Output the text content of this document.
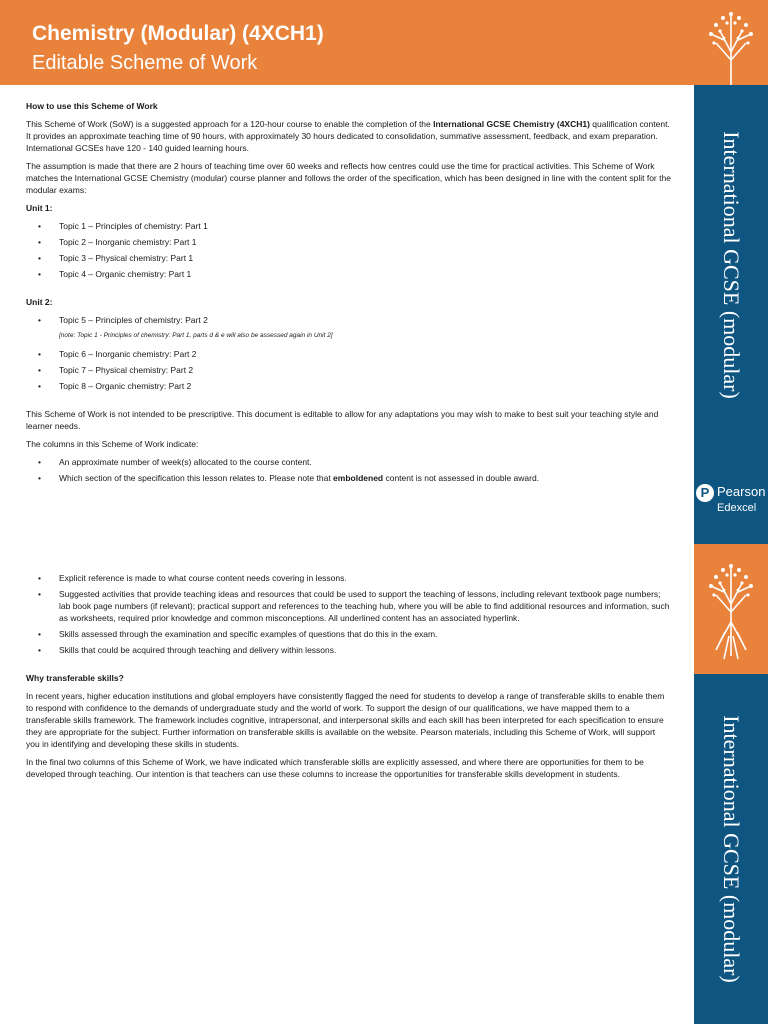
Chemistry (Modular) (4XCH1)
Editable Scheme of Work
International GCSE (modular)
P Pearson
Edexcel
International GCSE (modular)
How to use this Scheme of Work

This Scheme of Work (SoW) is a suggested approach for a 120-hour course to enable the completion of the International GCSE Chemistry (4XCH1) qualification content. It provides an approximate teaching time of 90 hours, with approximately 30 hours dedicated to consolidation, summative assessment, feedback, and exam preparation. International GCSEs have 120 - 140 guided learning hours.

The assumption is made that there are 2 hours of teaching time over 60 weeks and reflects how centres could use the time for practical activities. This Scheme of Work matches the International GCSE Chemistry (modular) course planner and follows the order of the specification, which has been designed in line with the content split for the modular exams:

Unit 1:
• Topic 1 – Principles of chemistry: Part 1
• Topic 2 – Inorganic chemistry: Part 1
• Topic 3 – Physical chemistry: Part 1
• Topic 4 – Organic chemistry: Part 1
Unit 2:
• Topic 5 – Principles of chemistry: Part 2
[note: Topic 1 - Principles of chemistry: Part 1, parts d & e will also be assessed again in Unit 2]
• Topic 6 – Inorganic chemistry: Part 2
• Topic 7 – Physical chemistry: Part 2
• Topic 8 – Organic chemistry: Part 2

This Scheme of Work is not intended to be prescriptive. This document is editable to allow for any adaptations you may wish to make to best suit your teaching style and learner needs.

The columns in this Scheme of Work indicate:

• An approximate number of week(s) allocated to the course content.
• Which section of the specification this lesson relates to. Please note that emboldened content is not assessed in double award.
• Explicit reference is made to what course content needs covering in lessons.
• Suggested activities that provide teaching ideas and resources that could be used to support the teaching of lessons, including relevant textbook page numbers; lab book page numbers (if relevant); practical support and references to the teaching hub, where you will be able to find additional resources and information, such as worksheets, required prior knowledge and common misconceptions. All underlined content has an associated hyperlink.
• Skills assessed through the examination and specific examples of questions that do this in the exam.
• Skills that could be acquired through teaching and delivery within lessons.
Why transferable skills?

In recent years, higher education institutions and global employers have consistently flagged the need for students to develop a range of transferable skills to enable them to respond with confidence to the demands of undergraduate study and the world of work. To support the design of our qualifications, we have mapped them to a transferable skills framework. The framework includes cognitive, intrapersonal, and interpersonal skills and each skill has been interpreted for each specification to ensure they are appropriate for the subject. Further information on transferable skills is available on the website. Pearson materials, including this Scheme of Work, will support you in identifying and developing these skills in students.

In the final two columns of this Scheme of Work, we have indicated which transferable skills are explicitly assessed, and where there are opportunities for them to be developed through teaching. Our intention is that teachers can use these columns to increase the opportunities for transferable skills development in students.
